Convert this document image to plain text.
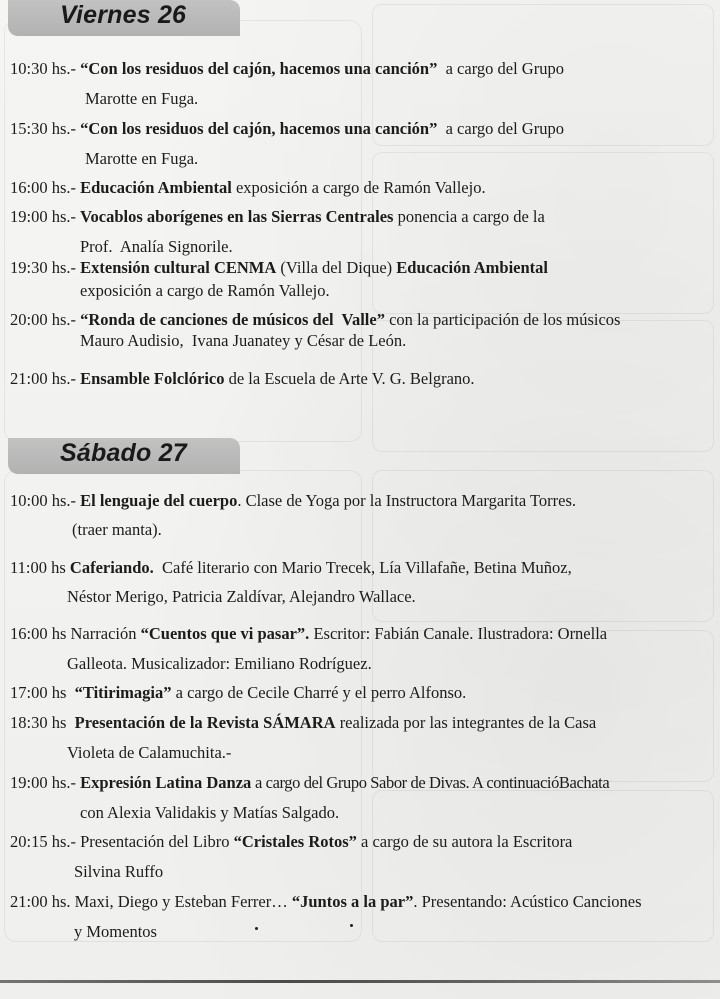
Viernes 26
10:30 hs.- “Con los residuos del cajón, hacemos una canción”  a cargo del Grupo
Marotte en Fuga.
15:30 hs.- “Con los residuos del cajón, hacemos una canción”  a cargo del Grupo
Marotte en Fuga.
16:00 hs.- Educación Ambiental exposición a cargo de Ramón Vallejo.
19:00 hs.- Vocablos aborígenes en las Sierras Centrales ponencia a cargo de la
Prof.  Analía Signorile.
19:30 hs.- Extensión cultural CENMA (Villa del Dique) Educación Ambiental
exposición a cargo de Ramón Vallejo.
20:00 hs.- “Ronda de canciones de músicos del  Valle” con la participación de los músicos
Mauro Audisio,  Ivana Juanatey y César de León.
21:00 hs.- Ensamble Folclórico de la Escuela de Arte V. G. Belgrano.
Sábado 27
10:00 hs.- El lenguaje del cuerpo. Clase de Yoga por la Instructora Margarita Torres.
(traer manta).
11:00 hs Caferiando.  Café literario con Mario Trecek, Lía Villafañe, Betina Muñoz,
Néstor Merigo, Patricia Zaldívar, Alejandro Wallace.
16:00 hs Narración “Cuentos que vi pasar”. Escritor: Fabián Canale. Ilustradora: Ornella
Galleota. Musicalizador: Emiliano Rodríguez.
17:00 hs  “Titirimagia” a cargo de Cecile Charré y el perro Alfonso.
18:30 hs  Presentación de la Revista SÁMARA realizada por las integrantes de la Casa
Violeta de Calamuchita.-
19:00 hs.- Expresión Latina Danza a cargo del Grupo Sabor de Divas. A continuacióBachata
con Alexia Validakis y Matías Salgado.
20:15 hs.- Presentación del Libro “Cristales Rotos” a cargo de su autora la Escritora
Silvina Ruffo
21:00 hs. Maxi, Diego y Esteban Ferrer… “Juntos a la par”. Presentando: Acústico Canciones
y Momentos
